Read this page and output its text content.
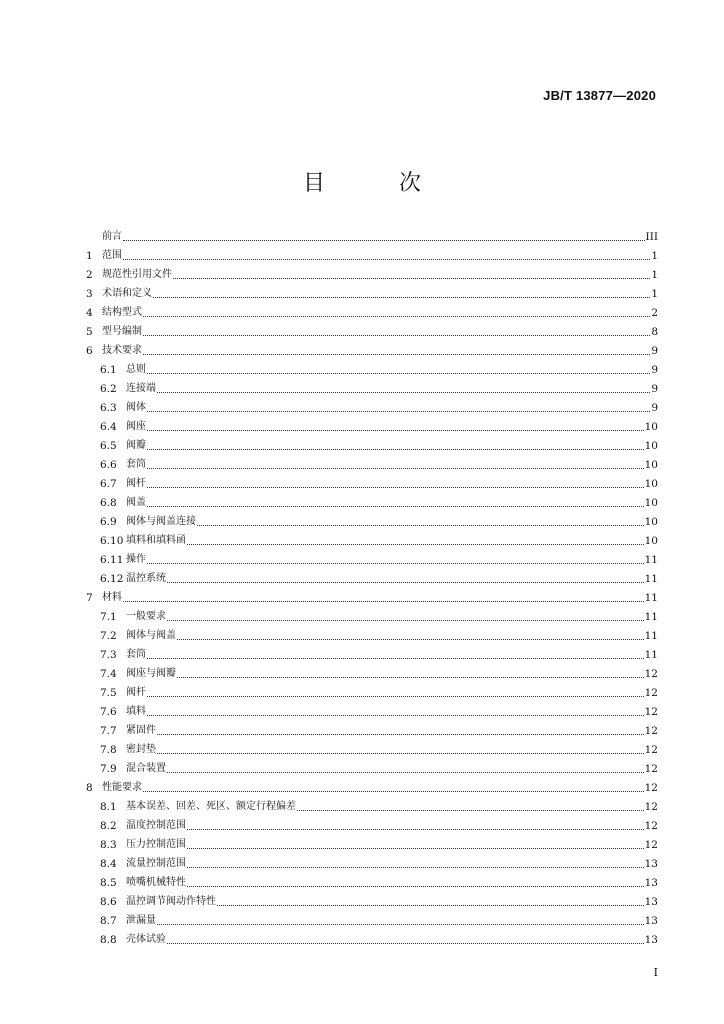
JB/T 13877—2020
目　次
前言	III
1 范围	1
2 规范性引用文件	1
3 术语和定义	1
4 结构型式	2
5 型号编制	8
6 技术要求	9
6.1 总则	9
6.2 连接端	9
6.3 阀体	9
6.4 阀座	10
6.5 阀瓣	10
6.6 套筒	10
6.7 阀杆	10
6.8 阀盖	10
6.9 阀体与阀盖连接	10
6.10 填料和填料函	10
6.11 操作	11
6.12 温控系统	11
7 材料	11
7.1 一般要求	11
7.2 阀体与阀盖	11
7.3 套筒	11
7.4 阀座与阀瓣	12
7.5 阀杆	12
7.6 填料	12
7.7 紧固件	12
7.8 密封垫	12
7.9 混合装置	12
8 性能要求	12
8.1 基本误差、回差、死区、额定行程偏差	12
8.2 温度控制范围	12
8.3 压力控制范围	12
8.4 流量控制范围	13
8.5 喷嘴机械特性	13
8.6 温控调节阀动作特性	13
8.7 泄漏量	13
8.8 壳体试验	13
I
